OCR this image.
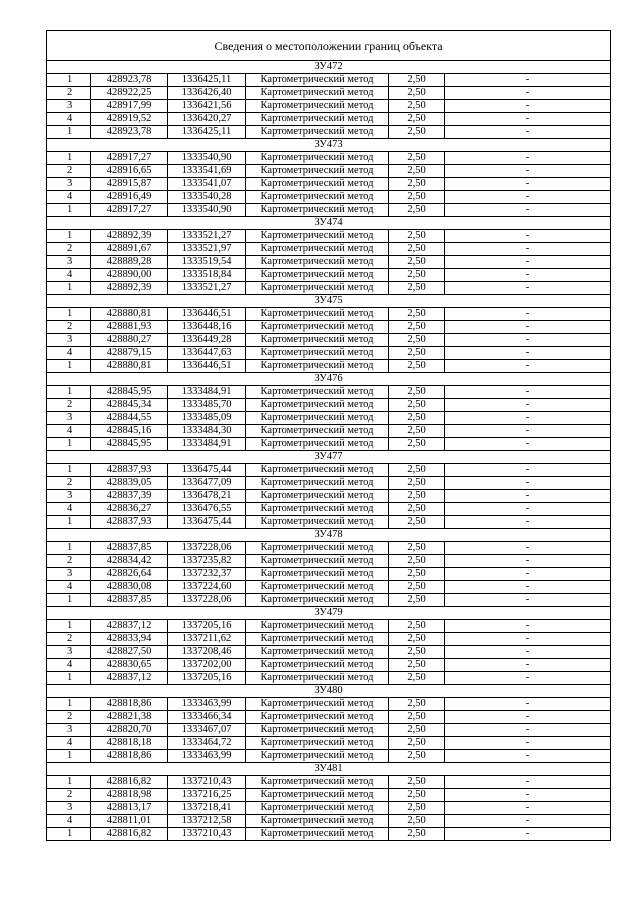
Сведения о местоположении границ объекта					
ЗУ472					
1	428923,78	1336425,11	Картометрический метод	2,50	-
2	428922,25	1336426,40	Картометрический метод	2,50	-
3	428917,99	1336421,56	Картометрический метод	2,50	-
4	428919,52	1336420,27	Картометрический метод	2,50	-
1	428923,78	1336425,11	Картометрический метод	2,50	-
ЗУ473					
1	428917,27	1333540,90	Картометрический метод	2,50	-
2	428916,65	1333541,69	Картометрический метод	2,50	-
3	428915,87	1333541,07	Картометрический метод	2,50	-
4	428916,49	1333540,28	Картометрический метод	2,50	-
1	428917,27	1333540,90	Картометрический метод	2,50	-
ЗУ474					
1	428892,39	1333521,27	Картометрический метод	2,50	-
2	428891,67	1333521,97	Картометрический метод	2,50	-
3	428889,28	1333519,54	Картометрический метод	2,50	-
4	428890,00	1333518,84	Картометрический метод	2,50	-
1	428892,39	1333521,27	Картометрический метод	2,50	-
ЗУ475					
1	428880,81	1336446,51	Картометрический метод	2,50	-
2	428881,93	1336448,16	Картометрический метод	2,50	-
3	428880,27	1336449,28	Картометрический метод	2,50	-
4	428879,15	1336447,63	Картометрический метод	2,50	-
1	428880,81	1336446,51	Картометрический метод	2,50	-
ЗУ476					
1	428845,95	1333484,91	Картометрический метод	2,50	-
2	428845,34	1333485,70	Картометрический метод	2,50	-
3	428844,55	1333485,09	Картометрический метод	2,50	-
4	428845,16	1333484,30	Картометрический метод	2,50	-
1	428845,95	1333484,91	Картометрический метод	2,50	-
ЗУ477					
1	428837,93	1336475,44	Картометрический метод	2,50	-
2	428839,05	1336477,09	Картометрический метод	2,50	-
3	428837,39	1336478,21	Картометрический метод	2,50	-
4	428836,27	1336476,55	Картометрический метод	2,50	-
1	428837,93	1336475,44	Картометрический метод	2,50	-
ЗУ478					
1	428837,85	1337228,06	Картометрический метод	2,50	-
2	428834,42	1337235,82	Картометрический метод	2,50	-
3	428826,64	1337232,37	Картометрический метод	2,50	-
4	428830,08	1337224,60	Картометрический метод	2,50	-
1	428837,85	1337228,06	Картометрический метод	2,50	-
ЗУ479					
1	428837,12	1337205,16	Картометрический метод	2,50	-
2	428833,94	1337211,62	Картометрический метод	2,50	-
3	428827,50	1337208,46	Картометрический метод	2,50	-
4	428830,65	1337202,00	Картометрический метод	2,50	-
1	428837,12	1337205,16	Картометрический метод	2,50	-
ЗУ480					
1	428818,86	1333463,99	Картометрический метод	2,50	-
2	428821,38	1333466,34	Картометрический метод	2,50	-
3	428820,70	1333467,07	Картометрический метод	2,50	-
4	428818,18	1333464,72	Картометрический метод	2,50	-
1	428818,86	1333463,99	Картометрический метод	2,50	-
ЗУ481					
1	428816,82	1337210,43	Картометрический метод	2,50	-
2	428818,98	1337216,25	Картометрический метод	2,50	-
3	428813,17	1337218,41	Картометрический метод	2,50	-
4	428811,01	1337212,58	Картометрический метод	2,50	-
1	428816,82	1337210,43	Картометрический метод	2,50	-
